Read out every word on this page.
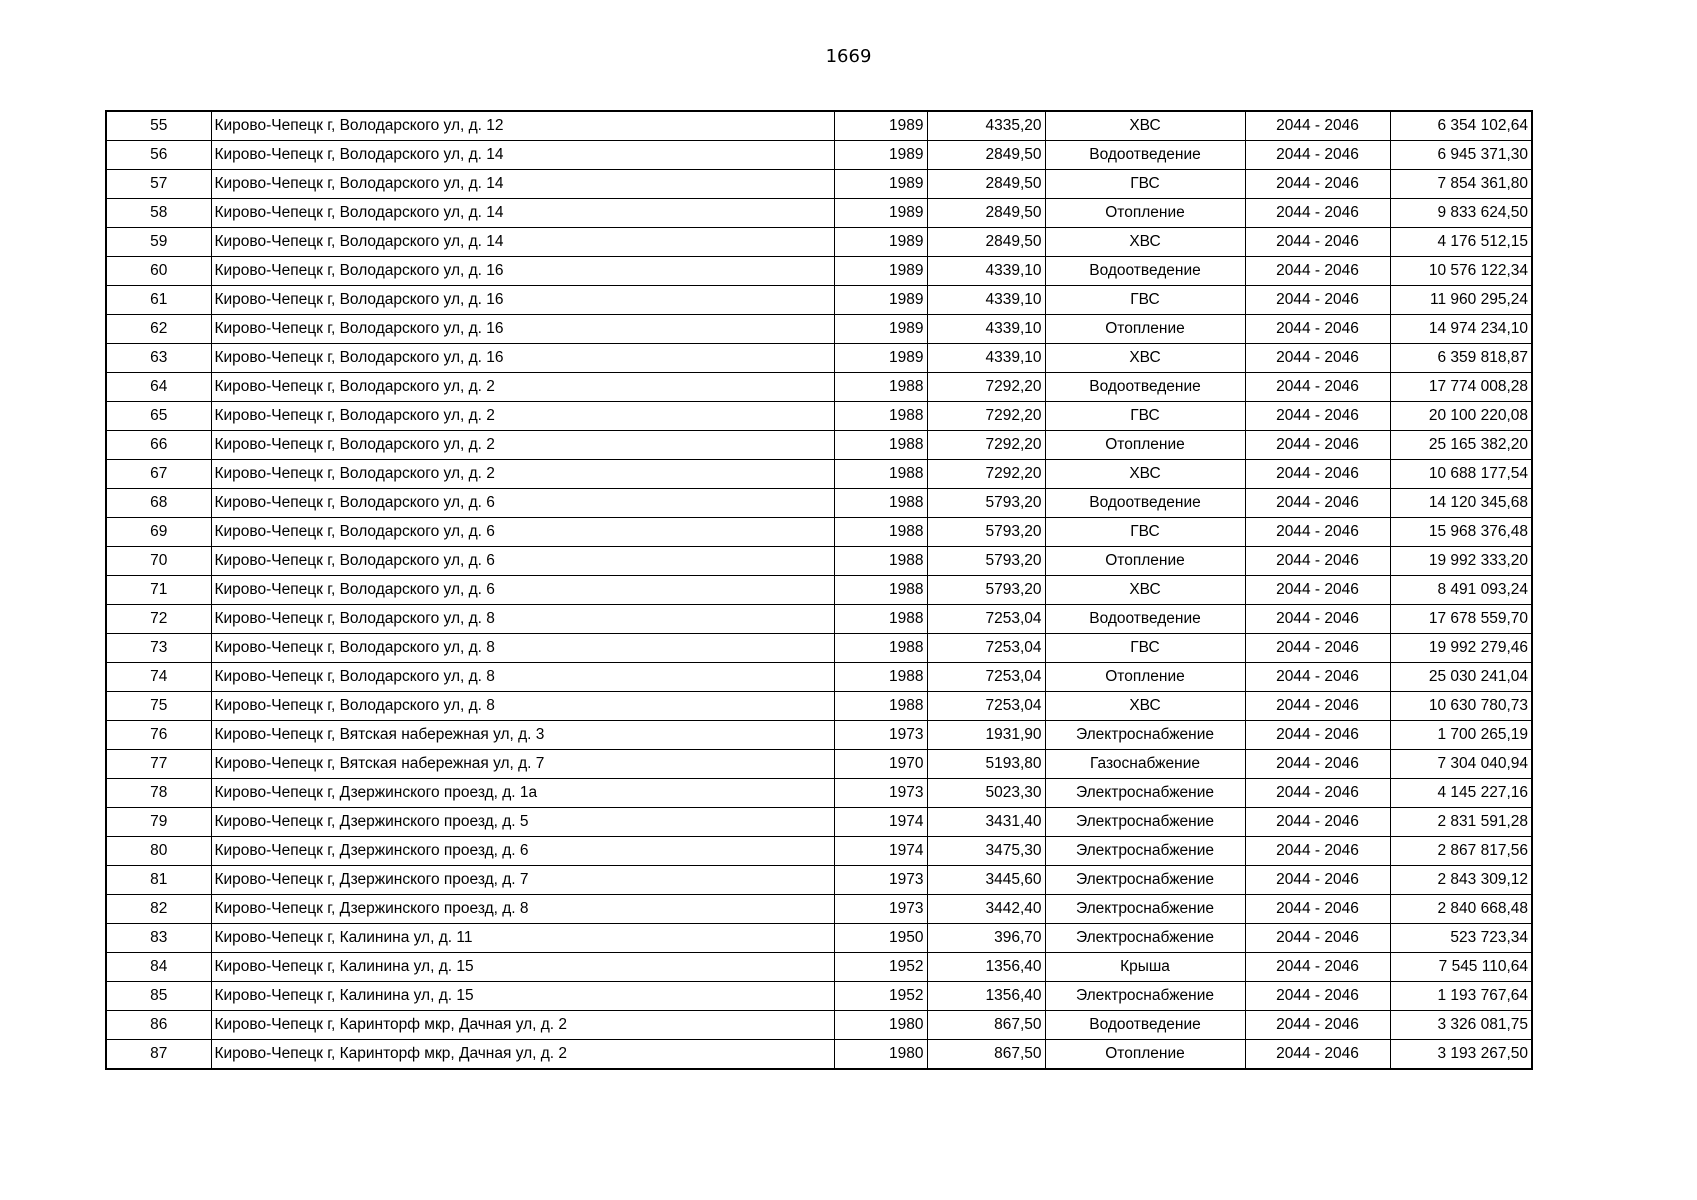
1669
55	Кирово-Чепецк г, Володарского ул, д. 12	1989	4335,20	ХВС	2044 - 2046	6 354 102,64
56	Кирово-Чепецк г, Володарского ул, д. 14	1989	2849,50	Водоотведение	2044 - 2046	6 945 371,30
57	Кирово-Чепецк г, Володарского ул, д. 14	1989	2849,50	ГВС	2044 - 2046	7 854 361,80
58	Кирово-Чепецк г, Володарского ул, д. 14	1989	2849,50	Отопление	2044 - 2046	9 833 624,50
59	Кирово-Чепецк г, Володарского ул, д. 14	1989	2849,50	ХВС	2044 - 2046	4 176 512,15
60	Кирово-Чепецк г, Володарского ул, д. 16	1989	4339,10	Водоотведение	2044 - 2046	10 576 122,34
61	Кирово-Чепецк г, Володарского ул, д. 16	1989	4339,10	ГВС	2044 - 2046	11 960 295,24
62	Кирово-Чепецк г, Володарского ул, д. 16	1989	4339,10	Отопление	2044 - 2046	14 974 234,10
63	Кирово-Чепецк г, Володарского ул, д. 16	1989	4339,10	ХВС	2044 - 2046	6 359 818,87
64	Кирово-Чепецк г, Володарского ул, д. 2	1988	7292,20	Водоотведение	2044 - 2046	17 774 008,28
65	Кирово-Чепецк г, Володарского ул, д. 2	1988	7292,20	ГВС	2044 - 2046	20 100 220,08
66	Кирово-Чепецк г, Володарского ул, д. 2	1988	7292,20	Отопление	2044 - 2046	25 165 382,20
67	Кирово-Чепецк г, Володарского ул, д. 2	1988	7292,20	ХВС	2044 - 2046	10 688 177,54
68	Кирово-Чепецк г, Володарского ул, д. 6	1988	5793,20	Водоотведение	2044 - 2046	14 120 345,68
69	Кирово-Чепецк г, Володарского ул, д. 6	1988	5793,20	ГВС	2044 - 2046	15 968 376,48
70	Кирово-Чепецк г, Володарского ул, д. 6	1988	5793,20	Отопление	2044 - 2046	19 992 333,20
71	Кирово-Чепецк г, Володарского ул, д. 6	1988	5793,20	ХВС	2044 - 2046	8 491 093,24
72	Кирово-Чепецк г, Володарского ул, д. 8	1988	7253,04	Водоотведение	2044 - 2046	17 678 559,70
73	Кирово-Чепецк г, Володарского ул, д. 8	1988	7253,04	ГВС	2044 - 2046	19 992 279,46
74	Кирово-Чепецк г, Володарского ул, д. 8	1988	7253,04	Отопление	2044 - 2046	25 030 241,04
75	Кирово-Чепецк г, Володарского ул, д. 8	1988	7253,04	ХВС	2044 - 2046	10 630 780,73
76	Кирово-Чепецк г, Вятская набережная ул, д. 3	1973	1931,90	Электроснабжение	2044 - 2046	1 700 265,19
77	Кирово-Чепецк г, Вятская набережная ул, д. 7	1970	5193,80	Газоснабжение	2044 - 2046	7 304 040,94
78	Кирово-Чепецк г, Дзержинского проезд, д. 1а	1973	5023,30	Электроснабжение	2044 - 2046	4 145 227,16
79	Кирово-Чепецк г, Дзержинского проезд, д. 5	1974	3431,40	Электроснабжение	2044 - 2046	2 831 591,28
80	Кирово-Чепецк г, Дзержинского проезд, д. 6	1974	3475,30	Электроснабжение	2044 - 2046	2 867 817,56
81	Кирово-Чепецк г, Дзержинского проезд, д. 7	1973	3445,60	Электроснабжение	2044 - 2046	2 843 309,12
82	Кирово-Чепецк г, Дзержинского проезд, д. 8	1973	3442,40	Электроснабжение	2044 - 2046	2 840 668,48
83	Кирово-Чепецк г, Калинина ул, д. 11	1950	396,70	Электроснабжение	2044 - 2046	523 723,34
84	Кирово-Чепецк г, Калинина ул, д. 15	1952	1356,40	Крыша	2044 - 2046	7 545 110,64
85	Кирово-Чепецк г, Калинина ул, д. 15	1952	1356,40	Электроснабжение	2044 - 2046	1 193 767,64
86	Кирово-Чепецк г, Каринторф мкр, Дачная ул, д. 2	1980	867,50	Водоотведение	2044 - 2046	3 326 081,75
87	Кирово-Чепецк г, Каринторф мкр, Дачная ул, д. 2	1980	867,50	Отопление	2044 - 2046	3 193 267,50
